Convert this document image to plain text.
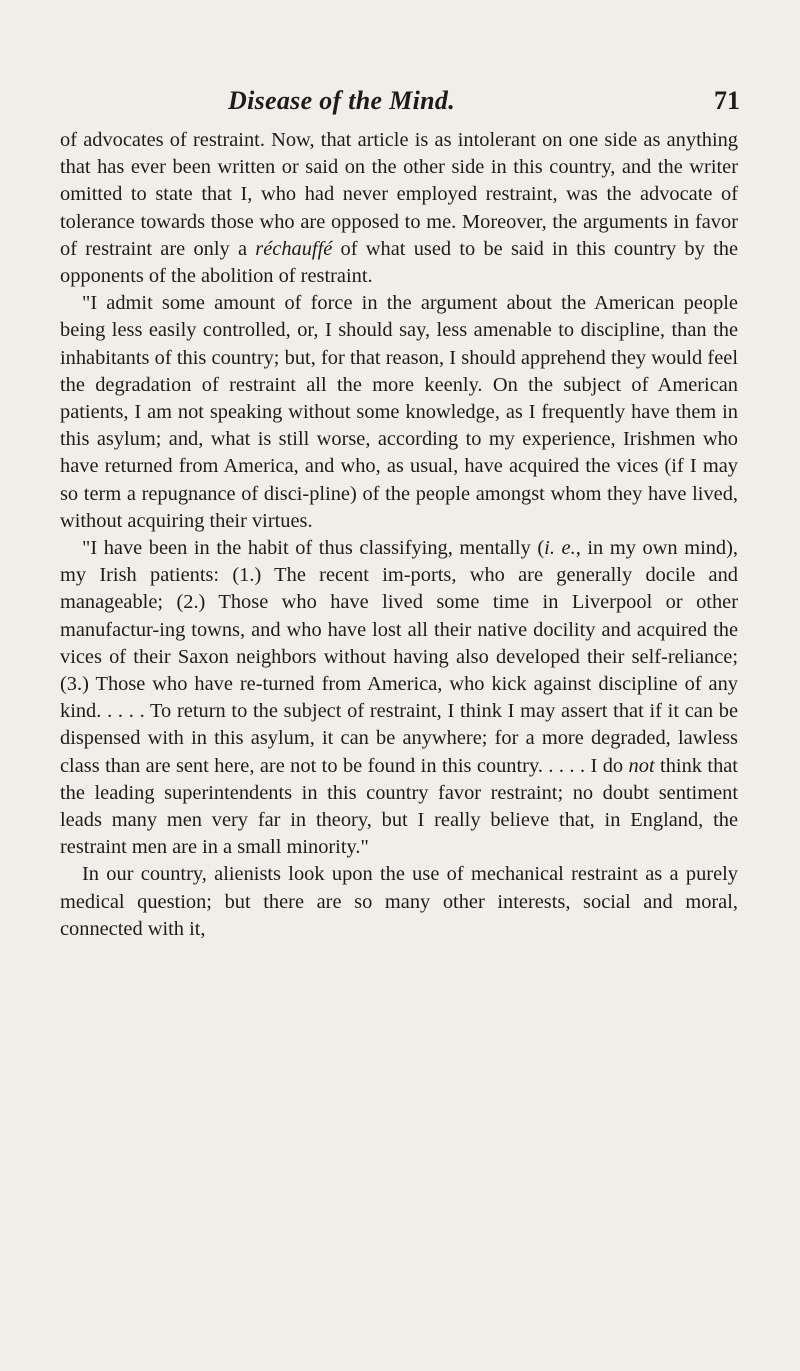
Disease of the Mind.	71

of advocates of restraint. Now, that article is as intolerant on one side as anything that has ever been written or said on the other side in this country, and the writer omitted to state that I, who had never employed restraint, was the advocate of tolerance towards those who are opposed to me. Moreover, the arguments in favor of restraint are only a réchauffé of what used to be said in this country by the opponents of the abolition of restraint.

"I admit some amount of force in the argument about the American people being less easily controlled, or, I should say, less amenable to discipline, than the inhabitants of this country; but, for that reason, I should apprehend they would feel the degradation of restraint all the more keenly. On the subject of American patients, I am not speaking without some knowledge, as I frequently have them in this asylum; and, what is still worse, according to my experience, Irishmen who have returned from America, and who, as usual, have acquired the vices (if I may so term a repugnance of disci-pline) of the people amongst whom they have lived, without acquiring their virtues.

"I have been in the habit of thus classifying, mentally (i. e., in my own mind), my Irish patients: (1.) The recent im-ports, who are generally docile and manageable; (2.) Those who have lived some time in Liverpool or other manufactur-ing towns, and who have lost all their native docility and acquired the vices of their Saxon neighbors without having also developed their self-reliance; (3.) Those who have re-turned from America, who kick against discipline of any kind. . . . . To return to the subject of restraint, I think I may assert that if it can be dispensed with in this asylum, it can be anywhere; for a more degraded, lawless class than are sent here, are not to be found in this country. . . . . I do not think that the leading superintendents in this country favor restraint; no doubt sentiment leads many men very far in theory, but I really believe that, in England, the restraint men are in a small minority."

In our country, alienists look upon the use of mechanical restraint as a purely medical question; but there are so many other interests, social and moral, connected with it,
